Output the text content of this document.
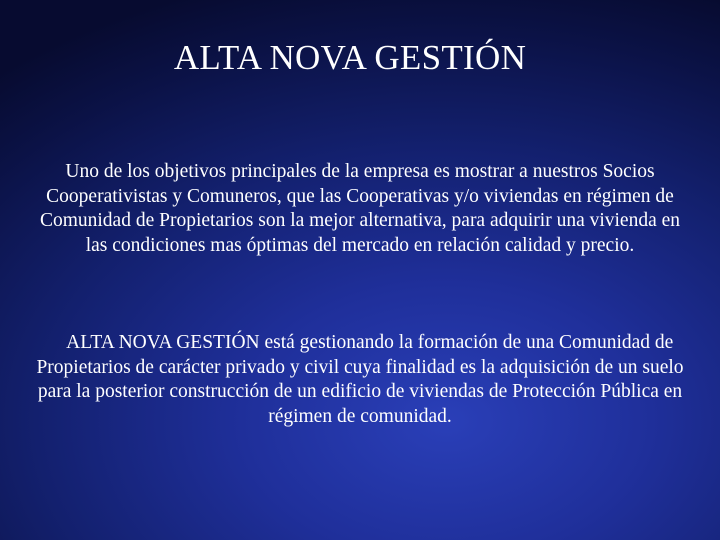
ALTA NOVA GESTIÓN

Uno de los objetivos principales de la empresa es mostrar a nuestros Socios Cooperativistas y Comuneros, que las Cooperativas y/o viviendas en régimen de Comunidad de Propietarios son la mejor alternativa, para adquirir una vivienda en las condiciones mas óptimas del mercado en relación calidad y precio.

ALTA NOVA GESTIÓN está gestionando la formación de una Comunidad de Propietarios de carácter privado y civil cuya finalidad es la adquisición de un suelo para la posterior construcción de un edificio de viviendas de Protección Pública en régimen de comunidad.
